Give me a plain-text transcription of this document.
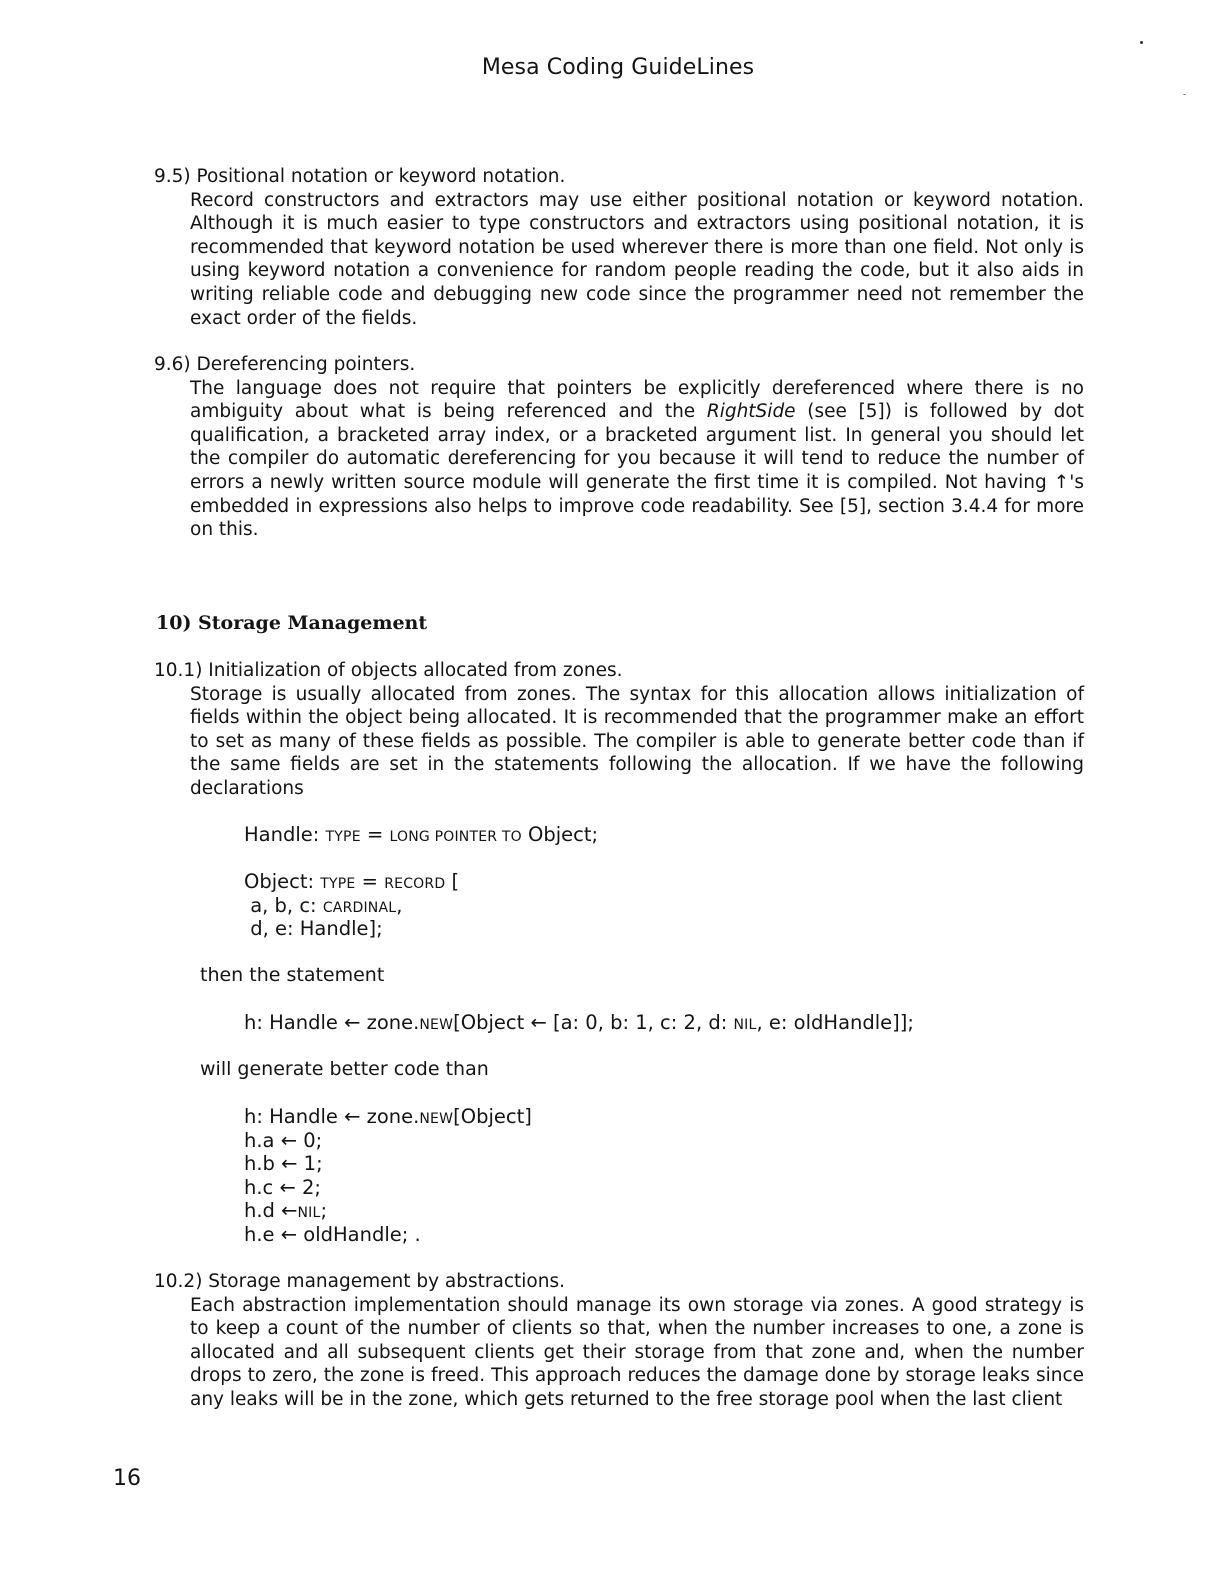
Mesa Coding GuideLines

9.5) Positional notation or keyword notation.

Record constructors and extractors may use either positional notation or keyword notation. Although it is much easier to type constructors and extractors using positional notation, it is recommended that keyword notation be used wherever there is more than one field. Not only is using keyword notation a convenience for random people reading the code, but it also aids in writing reliable code and debugging new code since the programmer need not remember the exact order of the fields.

9.6) Dereferencing pointers.

The language does not require that pointers be explicitly dereferenced where there is no ambiguity about what is being referenced and the RightSide (see [5]) is followed by dot qualification, a bracketed array index, or a bracketed argument list. In general you should let the compiler do automatic dereferencing for you because it will tend to reduce the number of errors a newly written source module will generate the first time it is compiled. Not having ↑'s embedded in expressions also helps to improve code readability. See [5], section 3.4.4 for more on this.

10) Storage Management

10.1) Initialization of objects allocated from zones.

Storage is usually allocated from zones. The syntax for this allocation allows initialization of fields within the object being allocated. It is recommended that the programmer make an effort to set as many of these fields as possible. The compiler is able to generate better code than if the same fields are set in the statements following the allocation. If we have the following declarations

Handle: TYPE = LONG POINTER TO Object;
Object: TYPE = RECORD [
a, b, c: CARDINAL,
d, e: Handle];
then the statement
h: Handle ← zone.NEW[Object ← [a: 0, b: 1, c: 2, d: NIL, e: oldHandle]];
will generate better code than
h: Handle ← zone.NEW[Object]
h.a ← 0;
h.b ← 1;
h.c ← 2;
h.d ←NIL;
h.e ← oldHandle; .

10.2) Storage management by abstractions.

Each abstraction implementation should manage its own storage via zones. A good strategy is to keep a count of the number of clients so that, when the number increases to one, a zone is allocated and all subsequent clients get their storage from that zone and, when the number drops to zero, the zone is freed. This approach reduces the damage done by storage leaks since any leaks will be in the zone, which gets returned to the free storage pool when the last client

16
